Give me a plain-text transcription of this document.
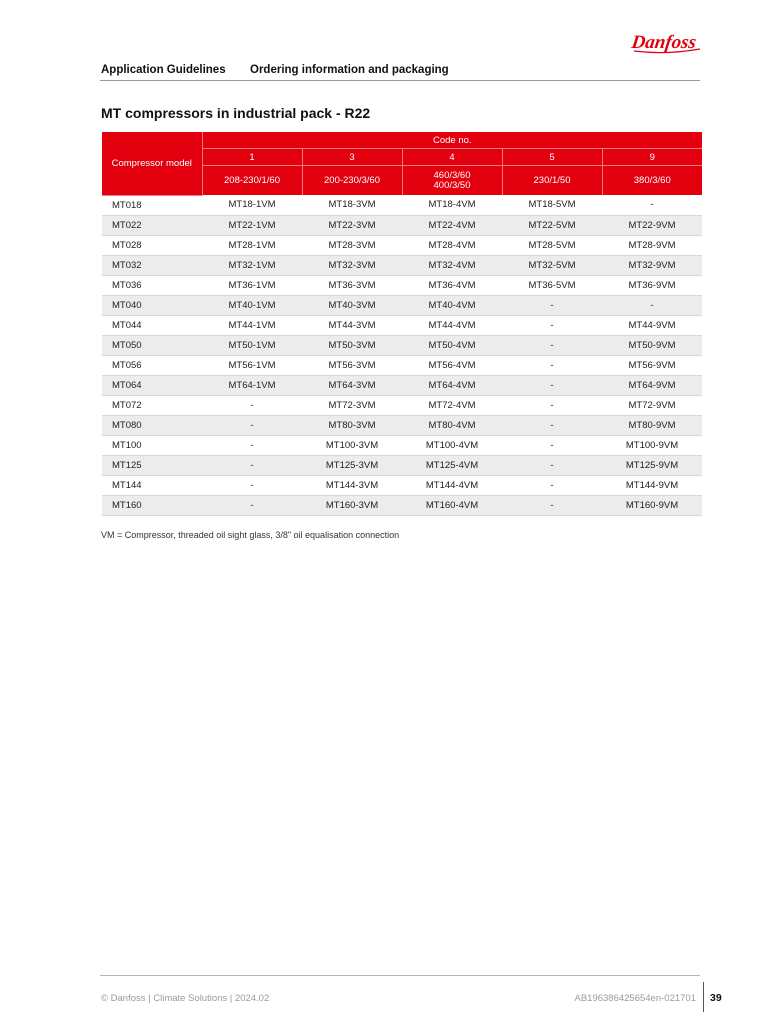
Danfoss
Application Guidelines Ordering information and packaging
MT compressors in industrial pack - R22
Compressor model	Code no.				
	1	3	4	5	9
	208-230/1/60	200-230/3/60	460/3/60
400/3/50	230/1/50	380/3/60
MT018	MT18-1VM	MT18-3VM	MT18-4VM	MT18-5VM	-
MT022	MT22-1VM	MT22-3VM	MT22-4VM	MT22-5VM	MT22-9VM
MT028	MT28-1VM	MT28-3VM	MT28-4VM	MT28-5VM	MT28-9VM
MT032	MT32-1VM	MT32-3VM	MT32-4VM	MT32-5VM	MT32-9VM
MT036	MT36-1VM	MT36-3VM	MT36-4VM	MT36-5VM	MT36-9VM
MT040	MT40-1VM	MT40-3VM	MT40-4VM	-	-
MT044	MT44-1VM	MT44-3VM	MT44-4VM	-	MT44-9VM
MT050	MT50-1VM	MT50-3VM	MT50-4VM	-	MT50-9VM
MT056	MT56-1VM	MT56-3VM	MT56-4VM	-	MT56-9VM
MT064	MT64-1VM	MT64-3VM	MT64-4VM	-	MT64-9VM
MT072	-	MT72-3VM	MT72-4VM	-	MT72-9VM
MT080	-	MT80-3VM	MT80-4VM	-	MT80-9VM
MT100	-	MT100-3VM	MT100-4VM	-	MT100-9VM
MT125	-	MT125-3VM	MT125-4VM	-	MT125-9VM
MT144	-	MT144-3VM	MT144-4VM	-	MT144-9VM
MT160	-	MT160-3VM	MT160-4VM	-	MT160-9VM
VM = Compressor, threaded oil sight glass, 3/8" oil equalisation connection
© Danfoss | Climate Solutions | 2024.02	AB196386425654en-021701 39
